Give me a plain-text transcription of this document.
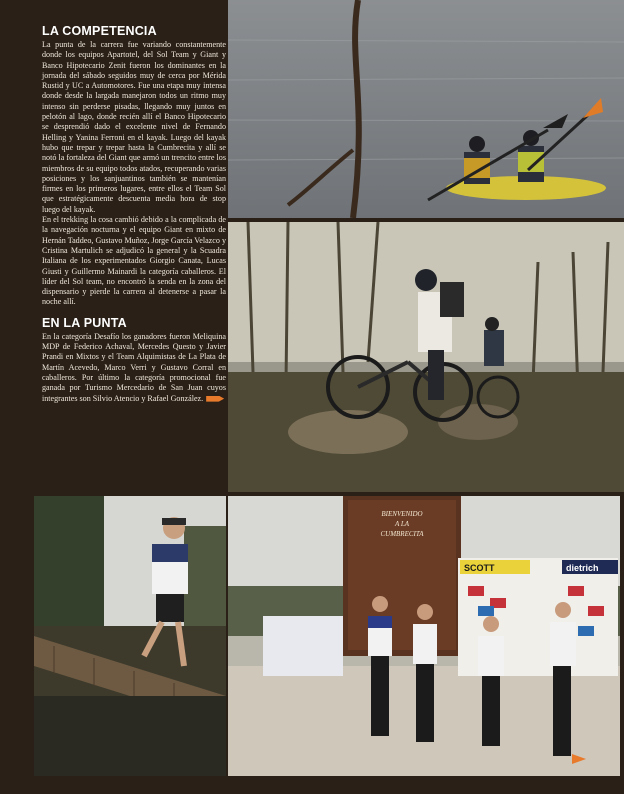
LA COMPETENCIA

La punta de la carrera fue variando constantemente donde los equipos Apartotel, del Sol Team y Giant y Banco Hipotecario Zenit fueron los dominantes en la jornada del sábado seguidos muy de cerca por Mérida Rustid y UC a Automotores. Fue una etapa muy intensa donde desde la largada manejaron todos un ritmo muy intenso sin perderse pisadas, llegando muy juntos en pelotón al lago, donde recién allí el Banco Hipotecario se desprendió dado el excelente nivel de Fernando Helling y Yanina Ferroni en el kayak. Luego del kayak hubo que trepar y trepar hasta la Cumbrecita y allí se notó la fortaleza del Giant que armó un trencito entre los miembros de su equipo todos atados, recuperando varias posiciones y los sanjuantinos también se mantenían firmes en los primeros lugares, entre ellos el Team Sol que estratégicamente descuenta media hora de stop luego del kayak.

En el trekking la cosa cambió debido a la complicada de la navegación nocturna y el equipo Giant en mixto de Hernán Taddeo, Gustavo Muñoz, Jorge García Velazco y Cristina Martulich se adjudicó la general y la Scuadra Italiana de los experimentados Giorgio Canata, Lucas Giusti y Guillermo Mainardi la categoría caballeros. El líder del Sol team, no encontró la senda en la zona del dispensario y pierde la carrera al detenerse a pasar la noche allí.

EN LA PUNTA

En la categoría Desafío los ganadores fueron Meliquina MDP de Federico Achaval, Mercedes Questo y Javier Prandi en Mixtos y el Team Alquimistas de La Plata de Martín Acevedo, Marco Verri y Gustavo Corral en caballeros. Por último la categoría promocional fue ganada por Turismo Mercedario de San Juan cuyos integrantes son Silvio Atencio y Rafael González.

BIENVENIDO
A LA
CUMBRECITA
SCOTT	dietrich
